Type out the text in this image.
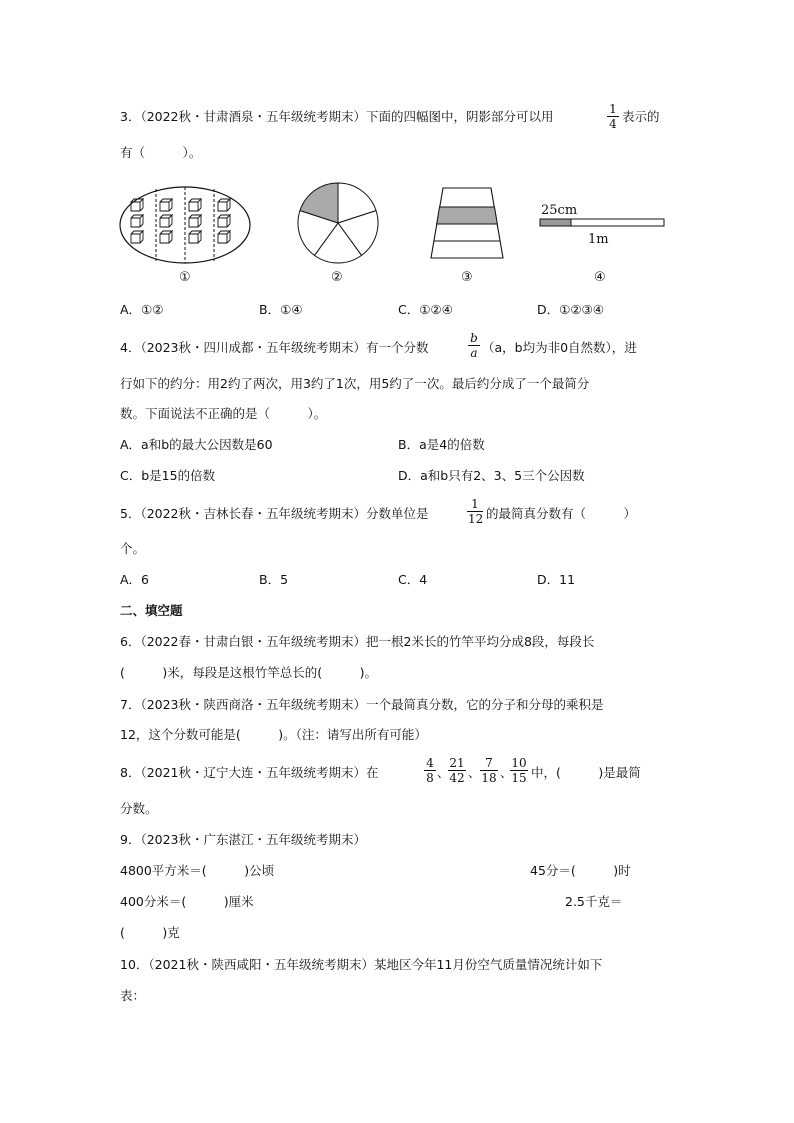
3．（2022秋・甘肃酒泉・五年级统考期末）下面的四幅图中，阴影部分可以用	1
4 表示的
有（　　　）。
25cm
1m
①	②	③	④
A．①②	B．①④	C．①②④	D．①②③④
4．（2023秋・四川成都・五年级统考期末）有一个分数
b
a （a，b均为非0自然数），进
行如下的约分：用2约了两次，用3约了1次，用5约了一次。最后约分成了一个最简分
数。下面说法不正确的是（　　　）。
A．a和b的最大公因数是60	B．a是4的倍数
C．b是15的倍数	D．a和b只有2、3、5三个公因数
5．（2022秋・吉林长春・五年级统考期末）分数单位是
1
12 的最简真分数有（　　　）
个。
A．6	B．5	C．4	D．11
二、填空题
6．（2022春・甘肃白银・五年级统考期末）把一根2米长的竹竿平均分成8段，每段长
(　　　)米，每段是这根竹竿总长的(　　　)。
7．（2023秋・陕西商洛・五年级统考期末）一个最简真分数，它的分子和分母的乘积是
12，这个分数可能是(　　　)。（注：请写出所有可能）
8．（2021秋・辽宁大连・五年级统考期末）在
4
8 、
21
42 、
7
18 、
10
15 中，(　　　)是最简
分数。
9．（2023秋・广东湛江・五年级统考期末）
4800平方米＝(　　　)公顷	45分＝(　　　)时
400分米＝(　　　)厘米	2.5千克＝
(　　　)克
10．（2021秋・陕西咸阳・五年级统考期末）某地区今年11月份空气质量情况统计如下
表：
